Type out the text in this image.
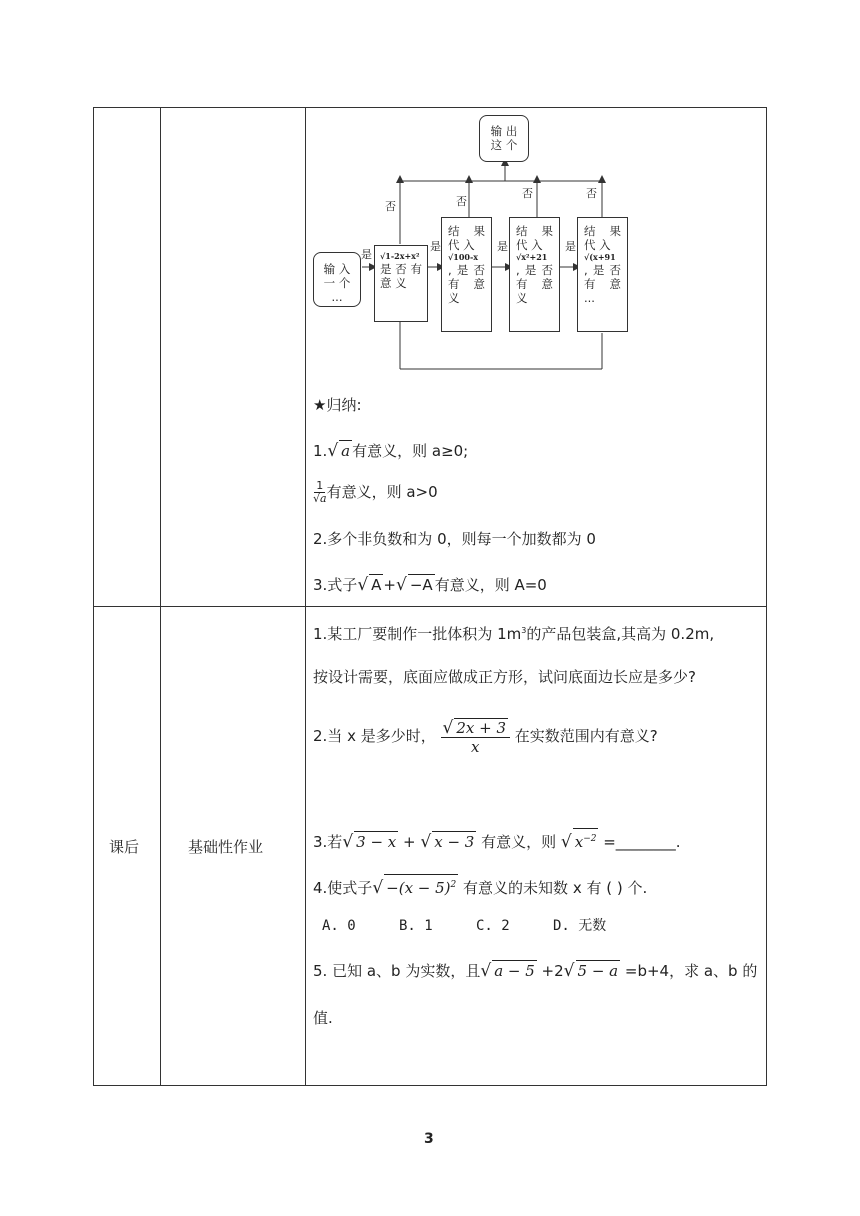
输 出 这 个
输 入 一 个 ...
√1-2x+x²
是 否 有 意 义
结 果 代 入
√100-x
,是否有 意 义
结 果 代 入
√x²+21
,是否有 意 义
结 果 代 入
√(x+91
,是否有 意 ...
是
是	是	是
否	否
否	否
★归纳:
1.√ a 有意义，则 a≥0;
$\frac{1}{√a}$ 有意义，则 a>0
2.多个非负数和为 0，则每一个加数都为 0
3.式子√ A +√ −A 有意义，则 A=0
课后	基础性作业
1.某工厂要制作一批体积为 $1m^3$的产品包装盒,其高为 0.2m,
按设计需要，底面应做成正方形，试问底面边长应是多少?
2.当 x 是多少时， $\frac{√ 2x + 3}{x}$ 在实数范围内有意义?
3.若√ 3 − x + √ x − 3 有意义，则 √ $x^{-2}$ =________.
4.使式子√ $-(x - 5)^2$ 有意义的未知数 x 有 ( ) 个.
A. 0	B. 1	C. 2	D. 无数
5. 已知 a、b 为实数，且√ a − 5 +2√ 5 − a =b+4，求 a、b 的
值.
3
